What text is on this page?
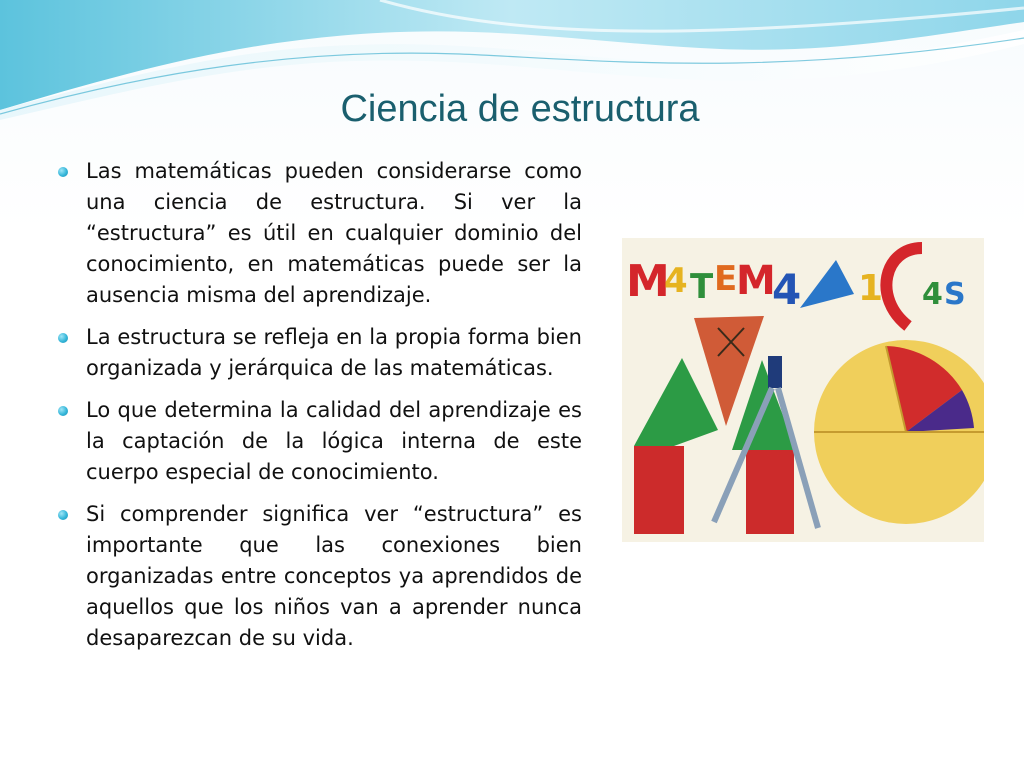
Ciencia de estructura
Las matemáticas pueden considerarse como una ciencia de estructura. Si ver la “estructura” es útil en cualquier dominio del conocimiento, en matemáticas puede ser la ausencia misma del aprendizaje.
La estructura se refleja en la propia forma bien organizada y jerárquica de las matemáticas.
Lo que determina la calidad del aprendizaje es la captación de la lógica interna de este cuerpo especial de conocimiento.
Si comprender significa ver “estructura” es importante que las conexiones bien organizadas entre conceptos ya aprendidos de aquellos que los niños van a aprender nunca desaparezcan de su vida.
M
4 T E
M
4 1 4 S
